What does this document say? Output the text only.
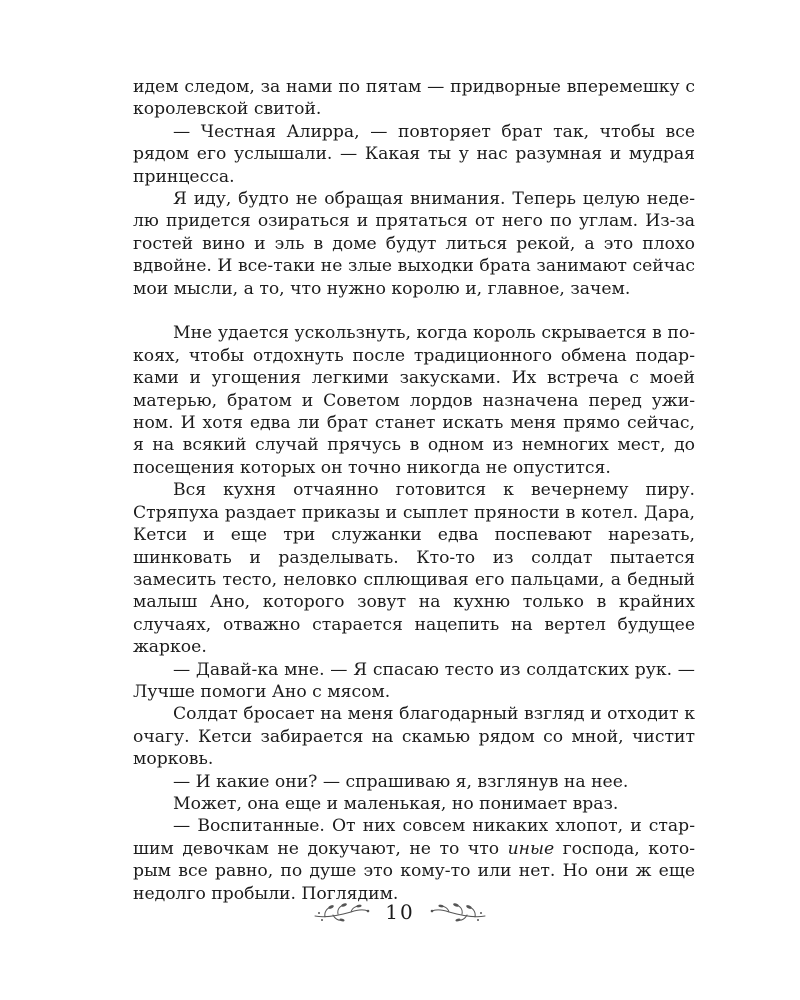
идем следом, за нами по пятам — придворные вперемешку с королевской свитой.

— Честная Алирра, — повторяет брат так, чтобы все рядом его услышали. — Какая ты у нас разумная и мудрая принцесса.

Я иду, будто не обращая внимания. Теперь целую неделю придется озираться и прятаться от него по углам. Из-за гостей вино и эль в доме будут литься рекой, а это плохо вдвойне. И все-таки не злые выходки брата занимают сейчас мои мысли, а то, что нужно королю и, главное, зачем.

Мне удается ускользнуть, когда король скрывается в покоях, чтобы отдохнуть после традиционного обмена подарками и угощения легкими закусками. Их встреча с моей матерью, братом и Советом лордов назначена перед ужином. И хотя едва ли брат станет искать меня прямо сейчас, я на всякий случай прячусь в одном из немногих мест, до посещения которых он точно никогда не опустится.

Вся кухня отчаянно готовится к вечернему пиру. Стряпуха раздает приказы и сыплет пряности в котел. Дара, Кетси и еще три служанки едва поспевают нарезать, шинковать и разделывать. Кто-то из солдат пытается замесить тесто, неловко сплющивая его пальцами, а бедный малыш Ано, которого зовут на кухню только в крайних случаях, отважно старается нацепить на вертел будущее жаркое.

— Давай-ка мне. — Я спасаю тесто из солдатских рук. — Лучше помоги Ано с мясом.

Солдат бросает на меня благодарный взгляд и отходит к очагу. Кетси забирается на скамью рядом со мной, чистит морковь.

— И какие они? — спрашиваю я, взглянув на нее.

Может, она еще и маленькая, но понимает враз.

— Воспитанные. От них совсем никаких хлопот, и старшим девочкам не докучают, не то что иные господа, которым все равно, по душе это кому-то или нет. Но они ж еще недолго пробыли. Поглядим.

10
